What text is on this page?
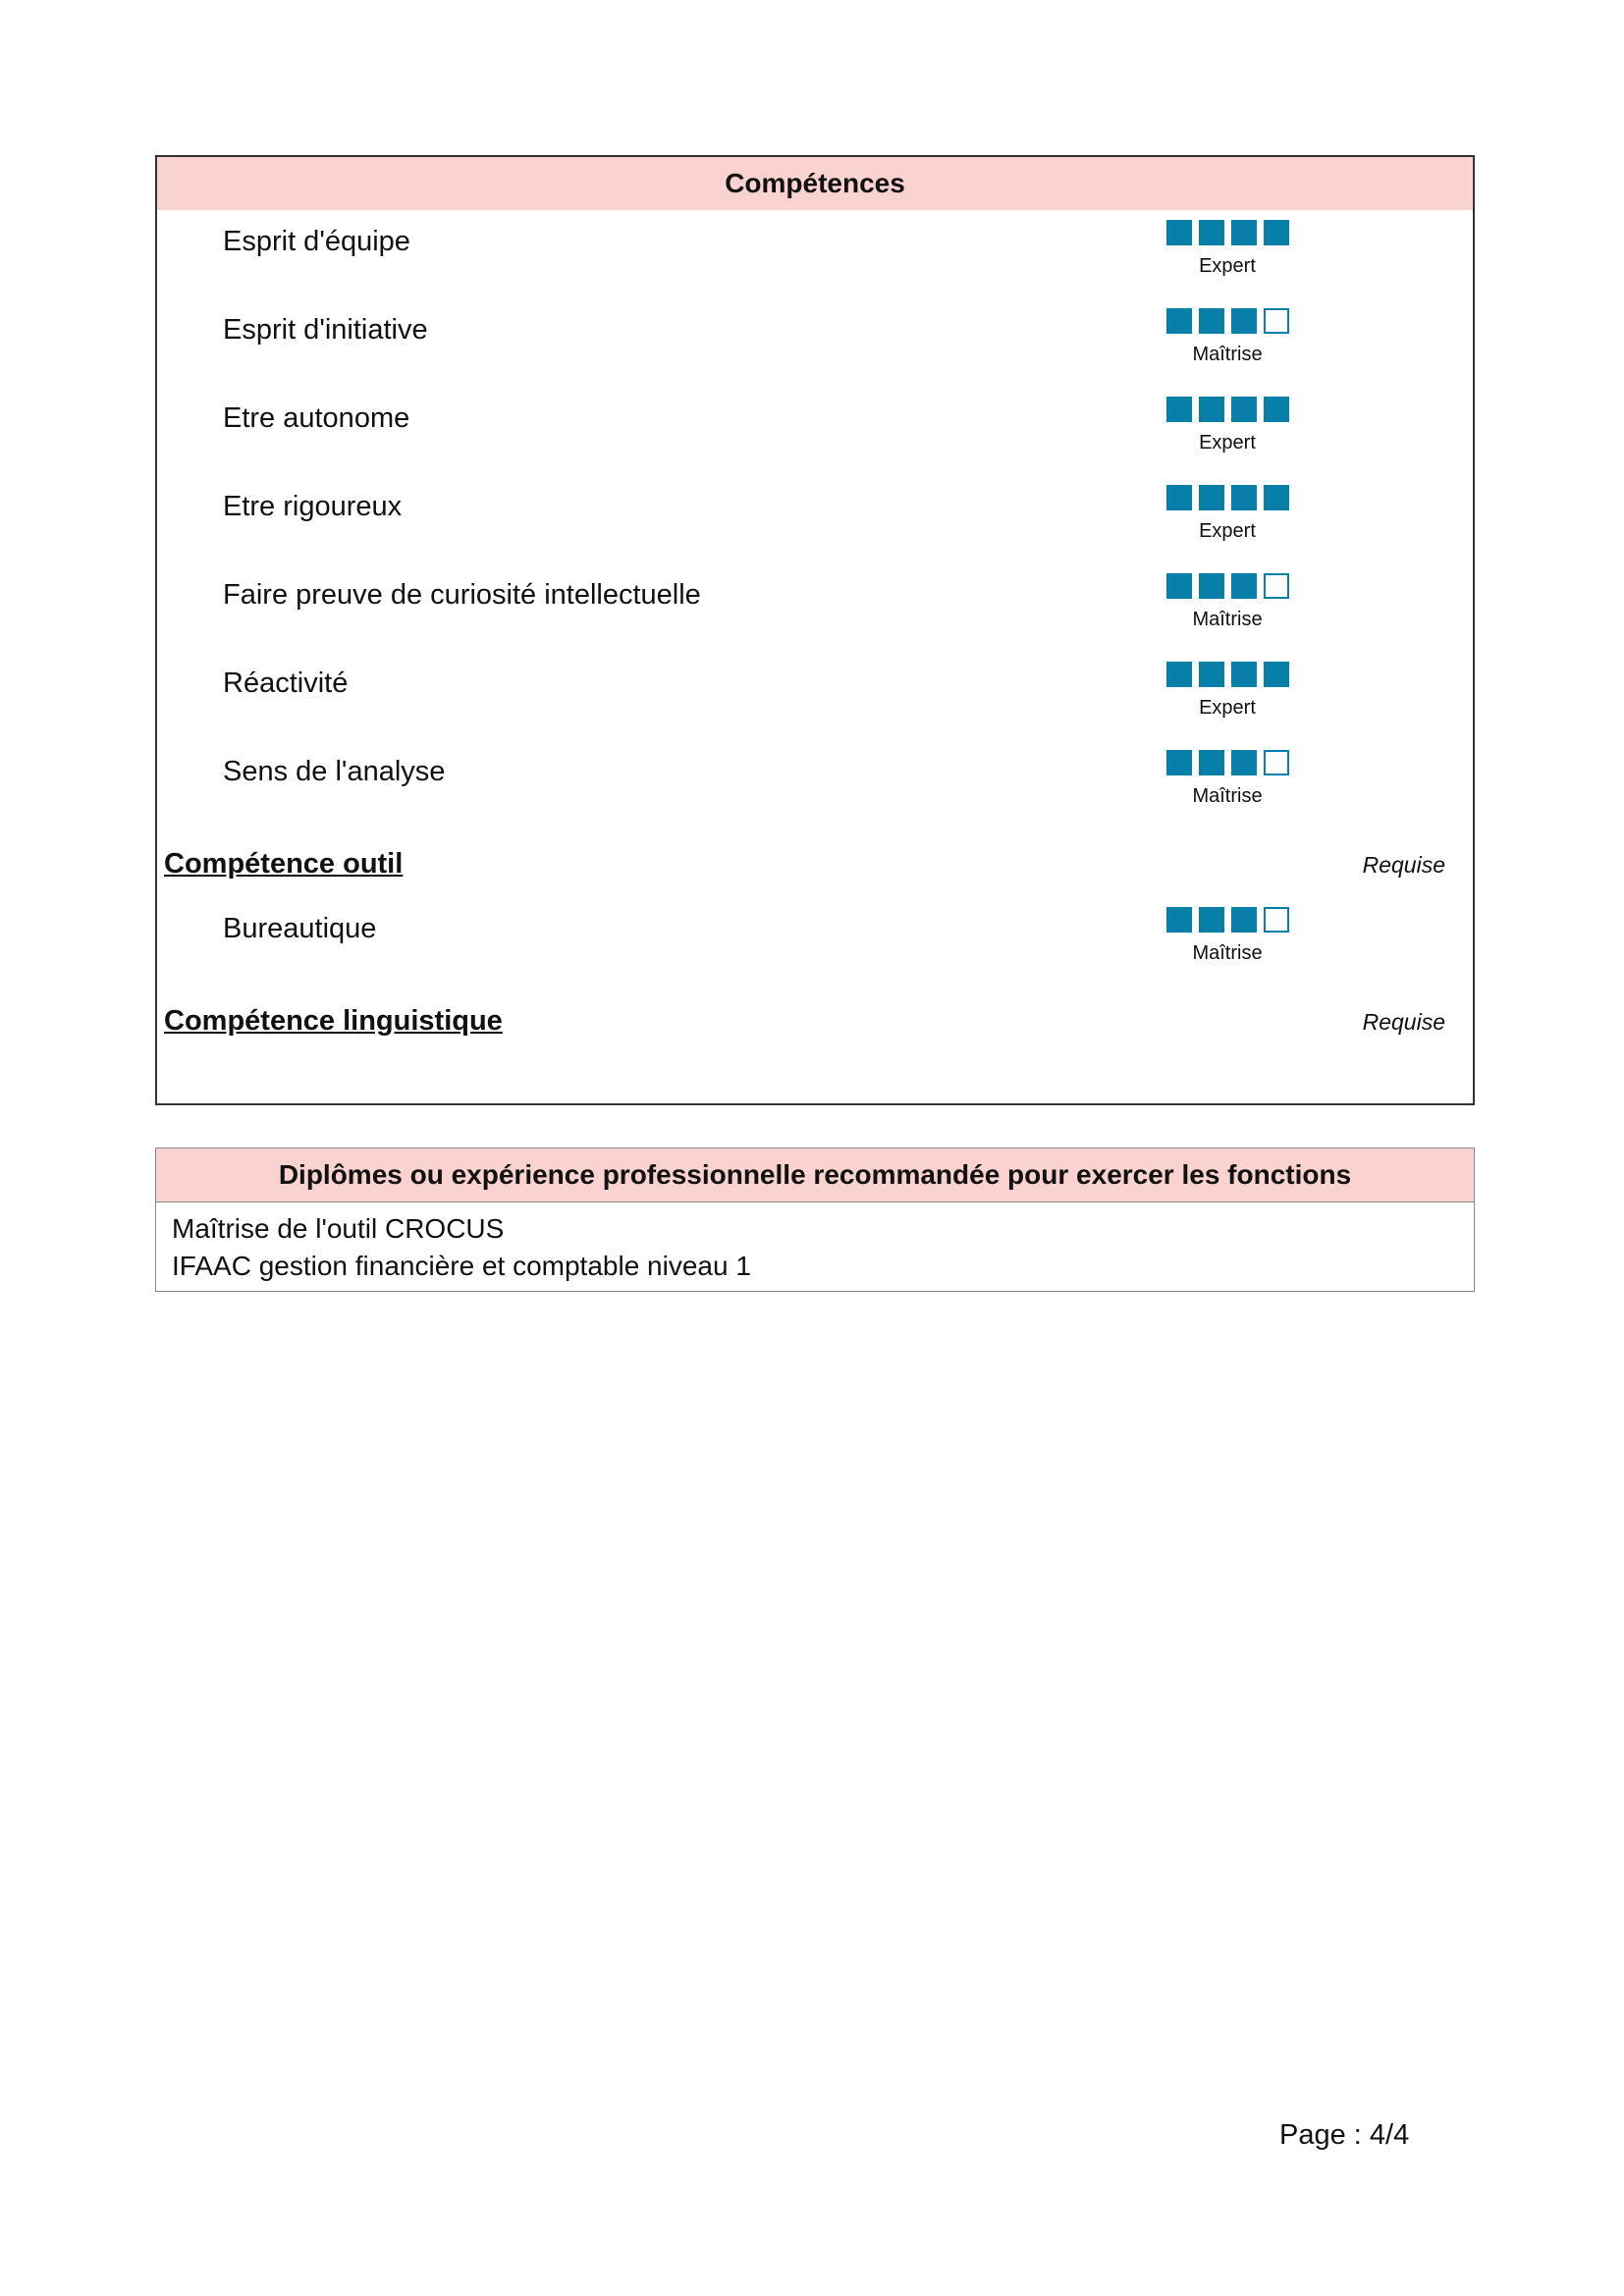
Compétences
Esprit d'équipe
Expert
Esprit d'initiative
Maîtrise
Etre autonome
Expert
Etre rigoureux
Expert
Faire preuve de curiosité intellectuelle
Maîtrise
Réactivité
Expert
Sens de l'analyse
Maîtrise
Compétence outil	Requise
Bureautique
Maîtrise
Compétence linguistique	Requise
Diplômes ou expérience professionnelle recommandée pour exercer les fonctions
Maîtrise de l'outil CROCUS
IFAAC gestion financière et comptable niveau 1
Page : 4/4
